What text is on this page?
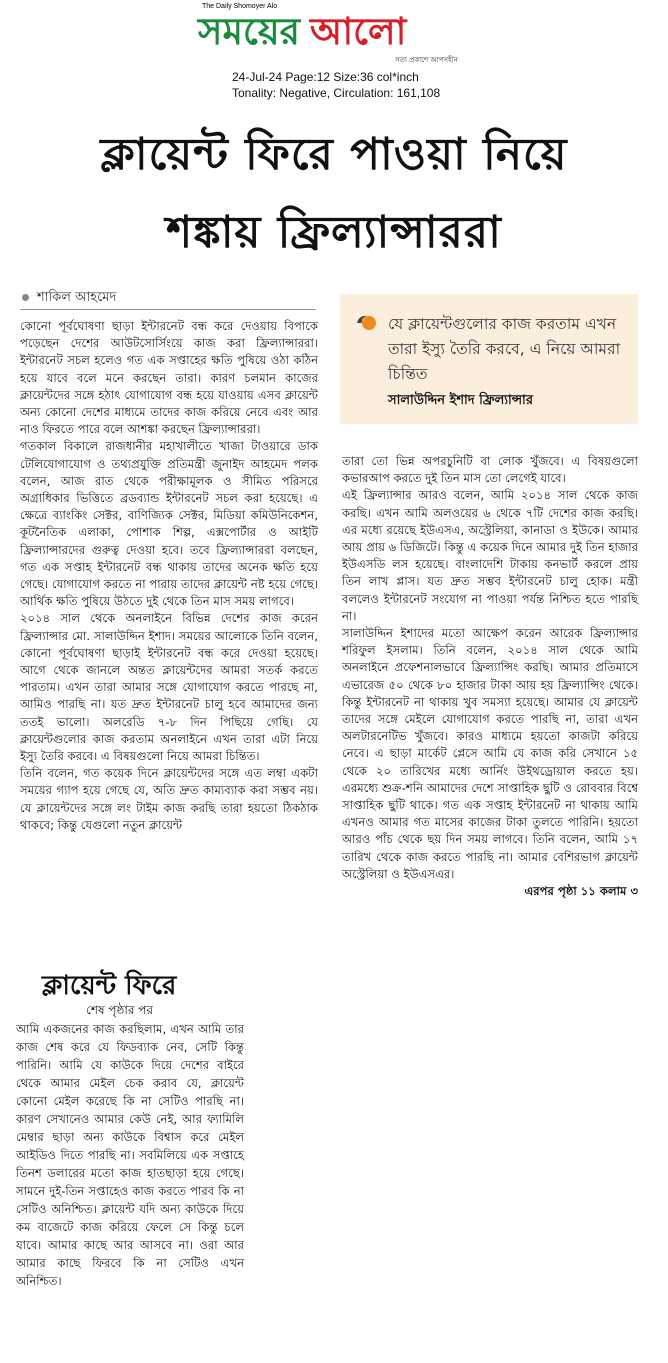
The Daily Shomoyer Alo
সময়ের আলো
সত্য প্রকাশে আপসহীন
24-Jul-24 Page:12 Size:36 col*inch
Tonality: Negative, Circulation: 161,108
ক্লায়েন্ট ফিরে পাওয়া নিয়ে
শঙ্কায় ফ্রিল্যান্সাররা
শাকিল আহমেদ
যে ক্লায়েন্টগুলোর কাজ করতাম এখন তারা ইস্যু তৈরি করবে, এ নিয়ে আমরা চিন্তিত
সালাউদ্দিন ইশাদ ফ্রিল্যান্সার

কোনো পূর্বঘোষণা ছাড়া ইন্টারনেট বন্ধ করে দেওয়ায় বিপাকে পড়েছেন দেশের আউটসোর্সিংয়ে কাজ করা ফ্রিল্যান্সাররা। ইন্টারনেট সচল হলেও গত এক সপ্তাহের ক্ষতি পুষিয়ে ওঠা কঠিন হয়ে যাবে বলে মনে করছেন তারা। কারণ চলমান কাজের ক্লায়েন্টদের সঙ্গে হঠাৎ যোগাযোগ বন্ধ হয়ে যাওয়ায় এসব ক্লায়েন্ট অন্য কোনো দেশের মাধ্যমে তাদের কাজ করিয়ে নেবে এবং আর নাও ফিরতে পারে বলে আশঙ্কা করছেন ফ্রিল্যান্সাররা।

গতকাল বিকালে রাজধানীর মহাখালীতে খাজা টাওয়ারে ডাক টেলিযোগাযোগ ও তথ্যপ্রযুক্তি প্রতিমন্ত্রী জুনাইদ আহমেদ পলক বলেন, আজ রাত থেকে পরীক্ষামূলক ও সীমিত পরিসরে অগ্রাধিকার ভিত্তিতে ব্রডব্যান্ড ইন্টারনেট সচল করা হয়েছে। এ ক্ষেত্রে ব্যাংকিং সেক্টর, বাণিজ্যিক সেক্টর, মিডিয়া কমিউনিকেশন, কূটনৈতিক এলাকা, পোশাক শিল্প, এক্সপোর্টার ও আইটি ফ্রিল্যান্সারদের গুরুত্ব দেওয়া হবে। তবে ফ্রিল্যান্সাররা বলছেন, গত এক সপ্তাহ ইন্টারনেট বন্ধ থাকায় তাদের অনেক ক্ষতি হয়ে গেছে। যোগাযোগ করতে না পারায় তাদের ক্লায়েন্ট নষ্ট হয়ে গেছে। আর্থিক ক্ষতি পুষিয়ে উঠতে দুই থেকে তিন মাস সময় লাগবে।

২০১৪ সাল থেকে অনলাইনে বিভিন্ন দেশের কাজ করেন ফ্রিল্যান্সার মো. সালাউদ্দিন ইশাদ। সময়ের আলোকে তিনি বলেন, কোনো পূর্বঘোষণা ছাড়াই ইন্টারনেট বন্ধ করে দেওয়া হয়েছে। আগে থেকে জানলে অন্তত ক্লায়েন্টদের আমরা সতর্ক করতে পারতাম। এখন তারা আমার সঙ্গে যোগাযোগ করতে পারছে না, আমিও পারছি না। যত দ্রুত ইন্টারনেট চালু হবে আমাদের জন্য ততই ভালো। অলরেডি ৭-৮ দিন পিছিয়ে গেছি। যে ক্লায়েন্টগুলোর কাজ করতাম অনলাইনে এখন তারা এটা নিয়ে ইস্যু তৈরি করবে। এ বিষয়গুলো নিয়ে আমরা চিন্তিত।

তিনি বলেন, গত কয়েক দিনে ক্লায়েন্টদের সঙ্গে এত লম্বা একটা সময়ের গ্যাপ হয়ে গেছে যে, অতি দ্রুত কাম্যব্যাক করা সম্ভব নয়। যে ক্লায়েন্টদের সঙ্গে লং টাইম কাজ করছি তারা হয়তো ঠিকঠাক থাকবে; কিন্তু যেগুলো নতুন ক্লায়েন্ট

তারা তো ভিন্ন অপরচুনিটি বা লোক খুঁজবে। এ বিষয়গুলো কভারআপ করতে দুই তিন মাস তো লেগেই যাবে।

এই ফ্রিল্যান্সার আরও বলেন, আমি ২০১৪ সাল থেকে কাজ করছি। এখন আমি অলওয়ের ৬ থেকে ৭টি দেশের কাজ করছি। এর মধ্যে রয়েছে ইউএসএ, অস্ট্রেলিয়া, কানাডা ও ইউকে। আমার আয় প্রায় ৬ ডিজিটে। কিন্তু এ কয়েক দিনে আমার দুই তিন হাজার ইউএসডি লস হয়েছে। বাংলাদেশি টাকায় কনভার্ট করলে প্রায় তিন লাখ প্লাস। যত দ্রুত সম্ভব ইন্টারনেট চালু হোক। মন্ত্রী বললেও ইন্টারনেট সংযোগ না পাওয়া পর্যন্ত নিশ্চিত হতে পারছি না।

সালাউদ্দিন ইশাদের মতো আক্ষেপ করেন আরেক ফ্রিল্যান্সার শরিফুল ইসলাম। তিনি বলেন, ২০১৪ সাল থেকে আমি অনলাইনে প্রফেশনালভাবে ফ্রিল্যান্সিং করছি। আমার প্রতিমাসে এভারেজ ৫০ থেকে ৮০ হাজার টাকা আয় হয় ফ্রিল্যান্সিং থেকে। কিন্তু ইন্টারনেট না থাকায় খুব সমস্যা হয়েছে। আমার যে ক্লায়েন্ট তাদের সঙ্গে মেইলে যোগাযোগ করতে পারছি না, তারা এখন অলটারনেটিভ খুঁজবে। কারও মাধ্যমে হয়তো কাজটা করিয়ে নেবে। এ ছাড়া মার্কেট প্লেসে আমি যে কাজ করি সেখানে ১৫ থেকে ২০ তারিখের মধ্যে আর্নিং উইথড্রোয়াল করতে হয়। এরমধ্যে শুক্র-শনি আমাদের দেশে সাপ্তাহিক ছুটি ও রোববার বিশ্বে সাপ্তাহিক ছুটি থাকে। গত এক সপ্তাহ ইন্টারনেট না থাকায় আমি এখনও আমার গত মাসের কাজের টাকা তুলতে পারিনি। হয়তো আরও পাঁচ থেকে ছয় দিন সময় লাগবে। তিনি বলেন, আমি ১৭ তারিখ থেকে কাজ করতে পারছি না। আমার বেশিরভাগ ক্লায়েন্ট অস্ট্রেলিয়া ও ইউএসএর।

এরপর পৃষ্ঠা ১১ কলাম ৩

ক্লায়েন্ট ফিরে
শেষ পৃষ্ঠার পর

আমি একজনের কাজ করছিলাম, এখন আমি তার কাজ শেষ করে যে ফিডব্যাক নেব, সেটি কিন্তু পারিনি। আমি যে কাউকে দিয়ে দেশের বাইরে থেকে আমার মেইল চেক করাব যে, ক্লায়েন্ট কোনো মেইল করেছে কি না সেটিও পারছি না। কারণ সেখানেও আমার কেউ নেই, আর ফ্যামিলি মেম্বার ছাড়া অন্য কাউকে বিশ্বাস করে মেইল আইডিও দিতে পারছি না। সবমিলিয়ে এক সপ্তাহে তিনশ ডলারের মতো কাজ হাতছাড়া হয়ে গেছে। সামনে দুই-তিন সপ্তাহেও কাজ করতে পারব কি না সেটিও অনিশ্চিত। ক্লায়েন্ট যদি অন্য কাউকে দিয়ে কম বাজেটে কাজ করিয়ে ফেলে সে কিন্তু চলে যাবে। আমার কাছে আর আসবে না। ওরা আর আমার কাছে ফিরবে কি না সেটিও এখন অনিশ্চিত।
